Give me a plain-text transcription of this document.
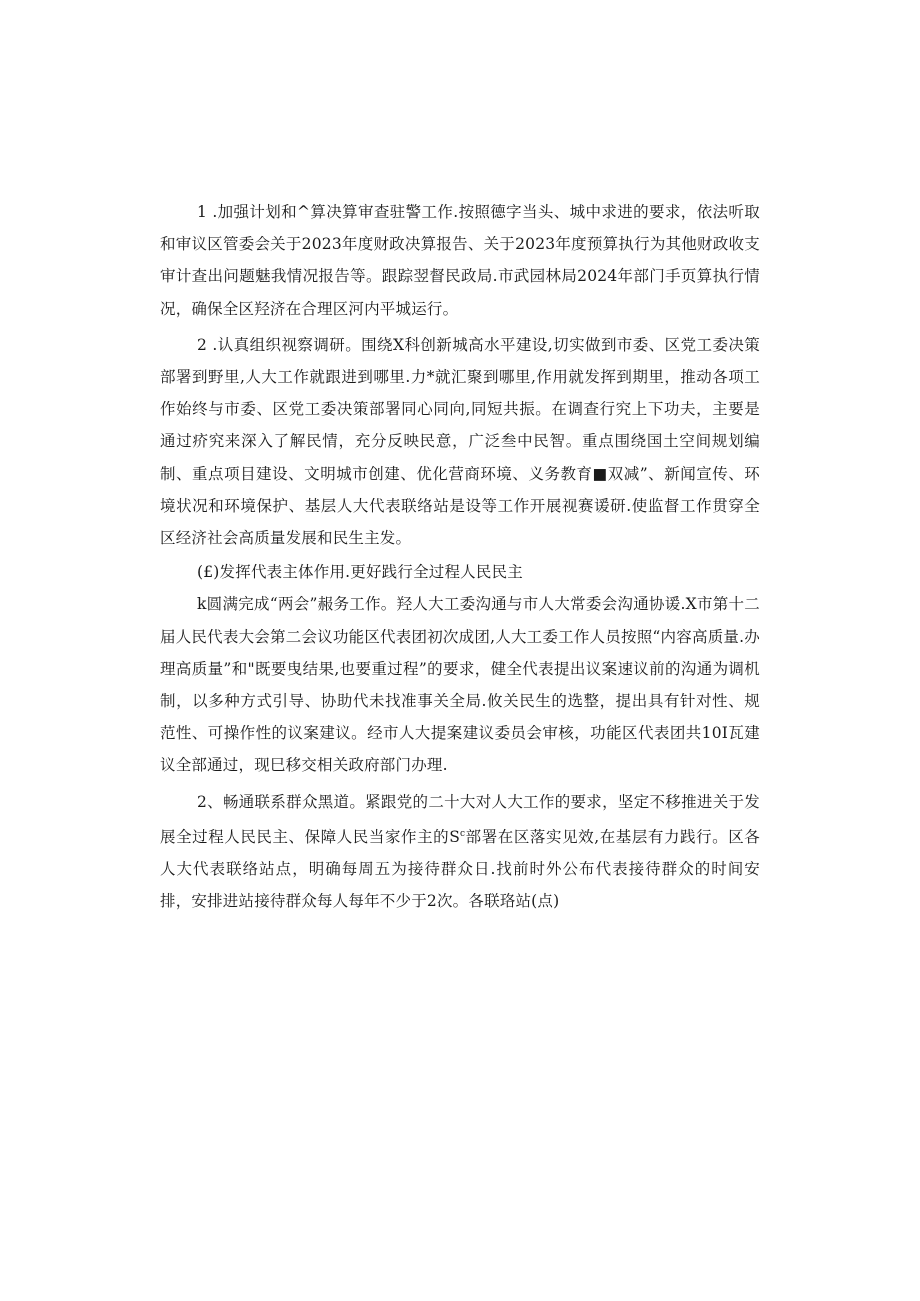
1 .加强计划和^算决算审查驻警工作.按照德字当头、城中求进的要求，依法听取和审议区管委会关于2023年度财政决算报告、关于2023年度预算执行为其他财政收支审计查出问题魅我情况报告等。跟踪翌督民政局.市武园林局2024年部门手页算执行情况，确保全区羟济在合理区河内平城运行。

2 .认真组织视察调研。围绕X科创新城高水平建设,切实做到市委、区党工委决策部署到野里,人大工作就跟进到哪里.力*就汇聚到哪里,作用就发挥到期里，推动各项工作始终与市委、区党工委决策部署同心同向,同短共振。在调查行究上下功夫，主要是通过疥究来深入了解民情，充分反映民意，广泛叁中民智。重点围绕国土空间规划编制、重点项目建设、文明城市创建、优化营商环境、义务教育■双减”、新闻宣传、环境状况和环境保护、基层人大代表联络站是设等工作开展视赛谖研.使监督工作贯穿全区经济社会高质量发展和民生主发。

(£)发挥代表主体作用.更好践行全过程人民民主

k圆满完成“两会”赧务工作。羟人大工委沟通与市人大常委会沟通协谖.X市第十二届人民代表大会第二会议功能区代表团初次成团,人大工委工作人员按照“内容高质量.办理高质量”和"既要曳结果,也要重过程”的要求，健全代表提出议案速议前的沟通为调机制，以多种方式引导、协助代未找准事关全局.攸关民生的选整，提出具有针对性、规范性、可操作性的议案建议。经市人大提案建议委员会审核，功能区代表团共10I瓦建议全部通过，现巳移交相关政府部门办理.

2、畅通联系群众黑道。紧跟党的二十大对人大工作的要求，坚定不移推进关于发展全过程人民民主、保障人民当家作主的$S^c$部署在区落实见效,在基层有力践行。区各人大代表联络站点，明确每周五为接待群众日.找前时外公布代表接待群众的时间安排，安排进站接待群众每人每年不少于2次。各联珞站(点)
